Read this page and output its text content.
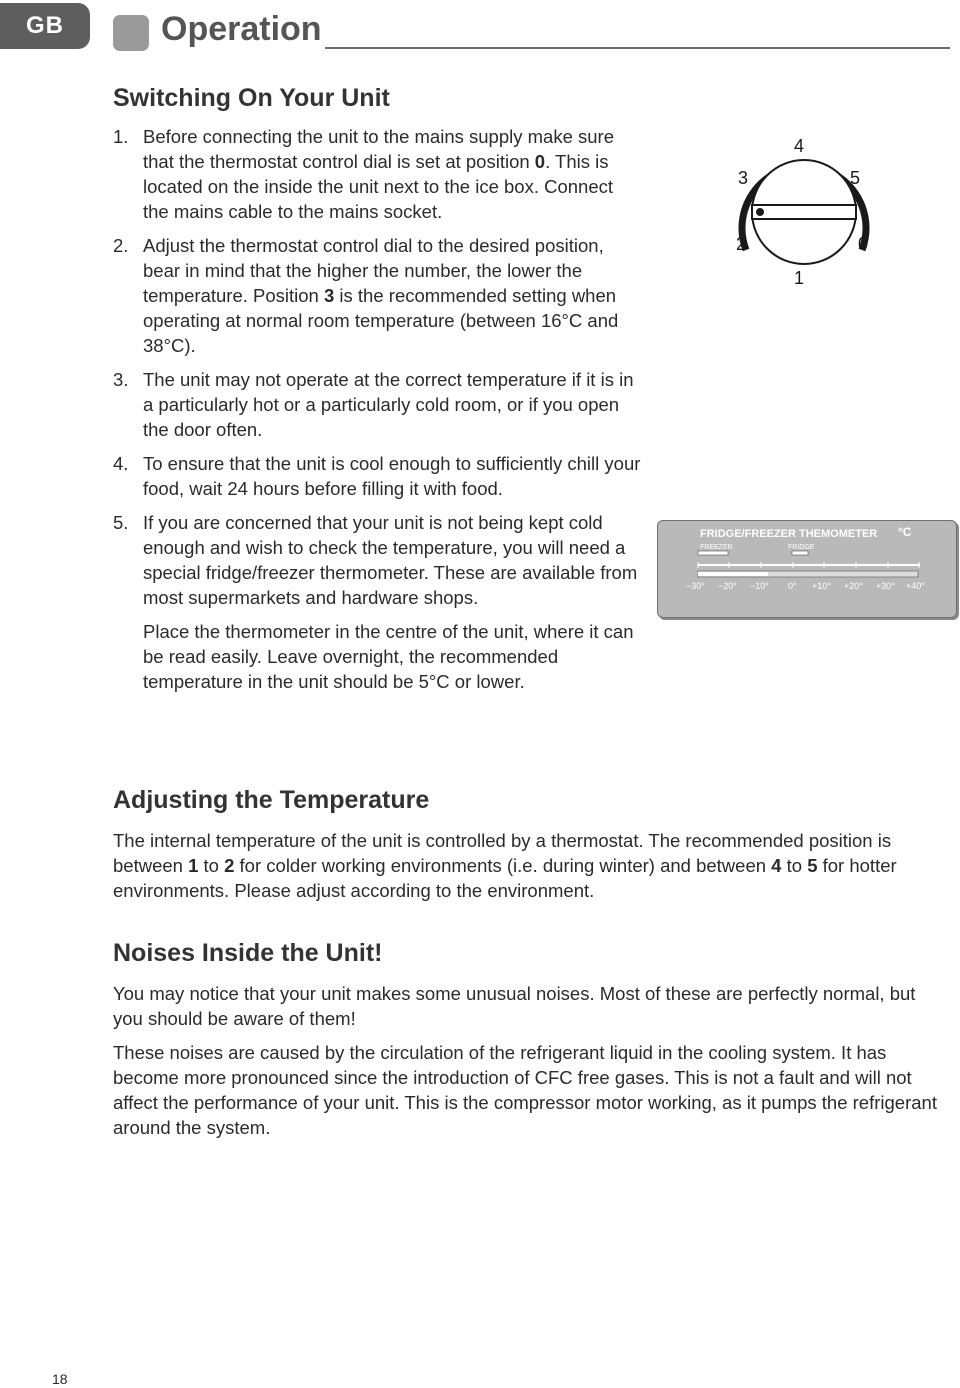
GB	Operation
Switching On Your Unit
1. Before connecting the unit to the mains supply make sure that the thermostat control dial is set at position 0. This is located on the inside the unit next to the ice box. Connect the mains cable to the mains socket.
2. Adjust the thermostat control dial to the desired position, bear in mind that the higher the number, the lower the temperature. Position 3 is the recommended setting when operating at normal room temperature (between 16°C and 38°C).
3. The unit may not operate at the correct temperature if it is in a particularly hot or a particularly cold room, or if you open the door often.
4. To ensure that the unit is cool enough to sufficiently chill your food, wait 24 hours before filling it with food.
5. If you are concerned that your unit is not being kept cold enough and wish to check the temperature, you will need a special fridge/freezer thermometer. These are available from most supermarkets and hardware shops.

Place the thermometer in the centre of the unit, where it can be read easily. Leave overnight, the recommended temperature in the unit should be 5°C or lower.

0
1
2
3
4
5
FRIDGE/FREEZER THEMOMETER °C
FREEZER	FRIDGE
−30° −20° −10° 0° +10° +20° +30° +40°
Adjusting the Temperature

The internal temperature of the unit is controlled by a thermostat. The recommended position is between 1 to 2 for colder working environments (i.e. during winter) and between 4 to 5 for hotter environments. Please adjust according to the environment.

Noises Inside the Unit!

You may notice that your unit makes some unusual noises. Most of these are perfectly normal, but you should be aware of them!

These noises are caused by the circulation of the refrigerant liquid in the cooling system. It has become more pronounced since the introduction of CFC free gases. This is not a fault and will not affect the performance of your unit. This is the compressor motor working, as it pumps the refrigerant around the system.

18
